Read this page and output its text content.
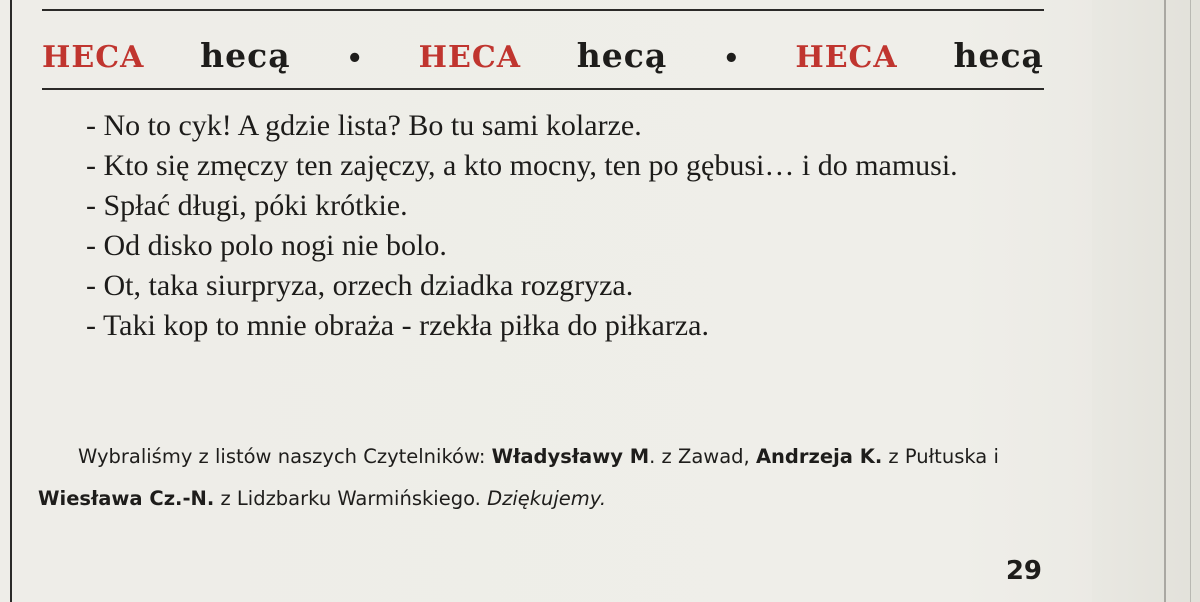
HECA hecą • HECA hecą • HECA hecą
- No to cyk! A gdzie lista? Bo tu sami kolarze.
- Kto się zmęczy ten zajęczy, a kto mocny, ten po gębusi… i do mamusi.
- Spłać długi, póki krótkie.
- Od disko polo nogi nie bolo.
- Ot, taka siurpryza, orzech dziadka rozgryza.
- Taki kop to mnie obraża - rzekła piłka do piłkarza.

Wybraliśmy z listów naszych Czytelników: Władysławy M. z Zawad, Andrzeja K. z Pułtuska i Wiesława Cz.-N. z Lidzbarku Warmińskiego. Dziękujemy.

29
